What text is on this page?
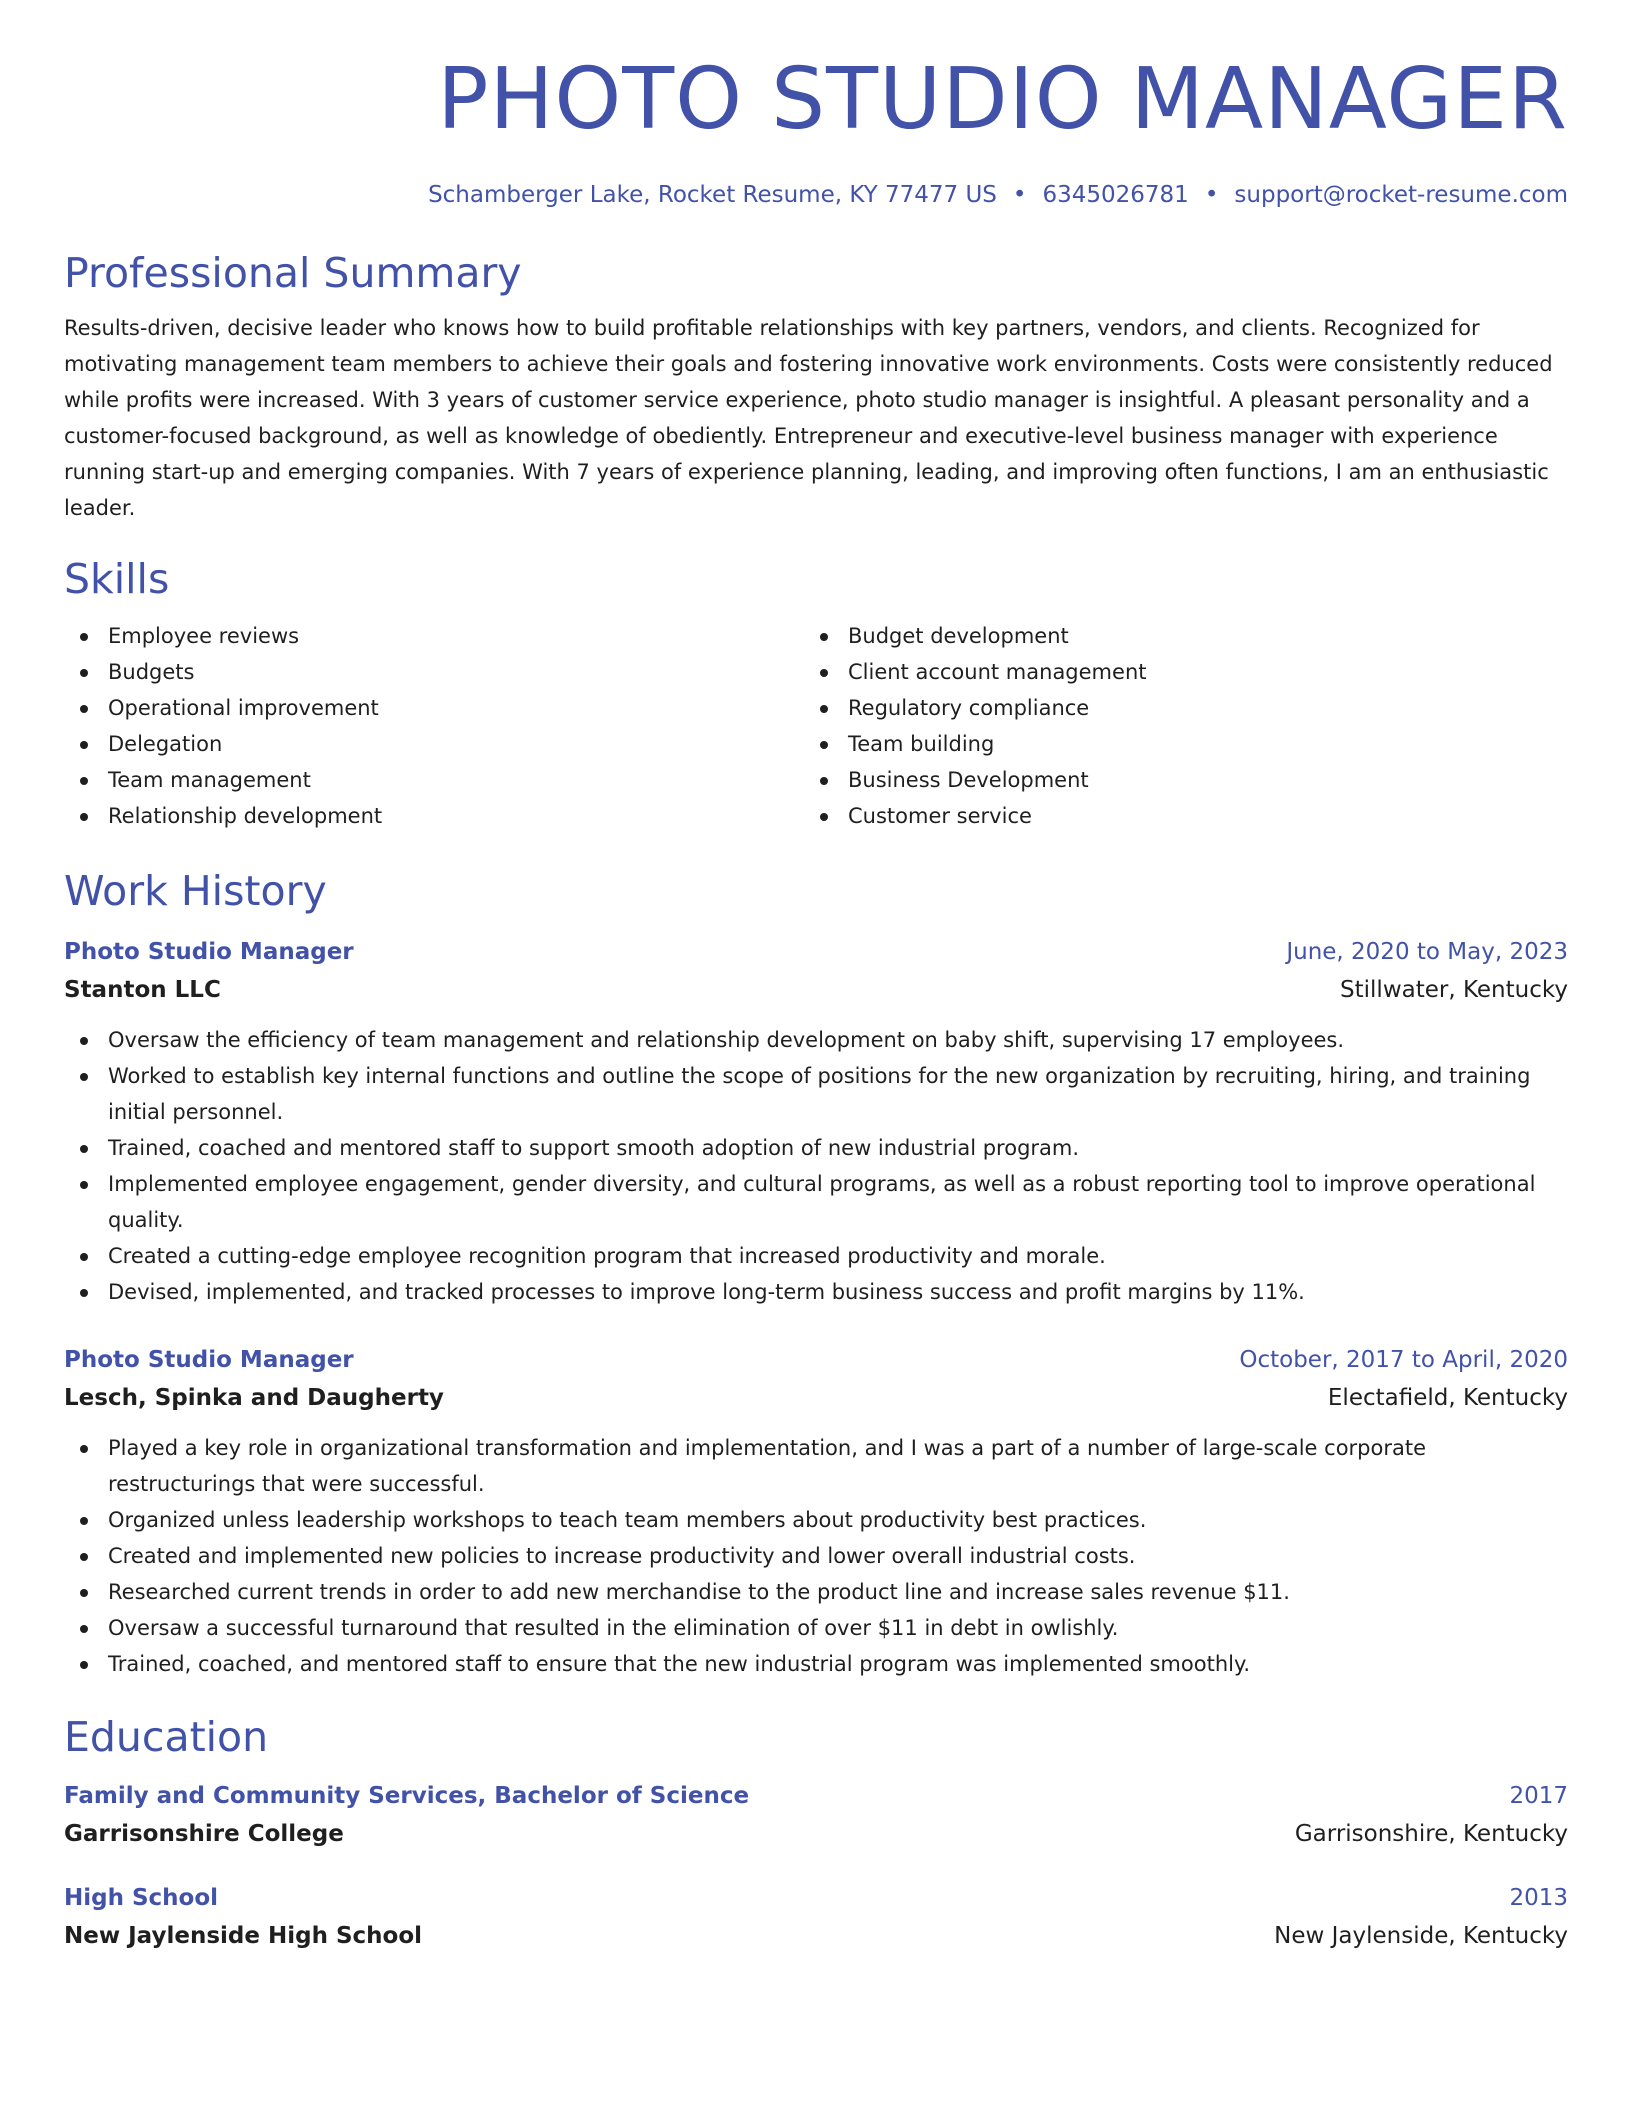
PHOTO STUDIO MANAGER
Schamberger Lake, Rocket Resume, KY 77477 US • 6345026781 • support@rocket-resume.com
Professional Summary
Results-driven, decisive leader who knows how to build profitable relationships with key partners, vendors, and clients. Recognized for motivating management team members to achieve their goals and fostering innovative work environments. Costs were consistently reduced while profits were increased. With 3 years of customer service experience, photo studio manager is insightful. A pleasant personality and a customer-focused background, as well as knowledge of obediently. Entrepreneur and executive-level business manager with experience running start-up and emerging companies. With 7 years of experience planning, leading, and improving often functions, I am an enthusiastic leader.
Skills
Employee reviews
Budgets
Operational improvement
Delegation
Team management
Relationship development
Budget development
Client account management
Regulatory compliance
Team building
Business Development
Customer service
Work History
Photo Studio Manager	June, 2020 to May, 2023
Stanton LLC	Stillwater, Kentucky
Oversaw the efficiency of team management and relationship development on baby shift, supervising 17 employees.
Worked to establish key internal functions and outline the scope of positions for the new organization by recruiting, hiring, and training initial personnel.
Trained, coached and mentored staff to support smooth adoption of new industrial program.
Implemented employee engagement, gender diversity, and cultural programs, as well as a robust reporting tool to improve operational quality.
Created a cutting-edge employee recognition program that increased productivity and morale.
Devised, implemented, and tracked processes to improve long-term business success and profit margins by 11%.
Photo Studio Manager	October, 2017 to April, 2020
Lesch, Spinka and Daugherty	Electafield, Kentucky
Played a key role in organizational transformation and implementation, and I was a part of a number of large-scale corporate restructurings that were successful.
Organized unless leadership workshops to teach team members about productivity best practices.
Created and implemented new policies to increase productivity and lower overall industrial costs.
Researched current trends in order to add new merchandise to the product line and increase sales revenue $11.
Oversaw a successful turnaround that resulted in the elimination of over $11 in debt in owlishly.
Trained, coached, and mentored staff to ensure that the new industrial program was implemented smoothly.
Education
Family and Community Services, Bachelor of Science	2017
Garrisonshire College	Garrisonshire, Kentucky
High School	2013
New Jaylenside High School	New Jaylenside, Kentucky
